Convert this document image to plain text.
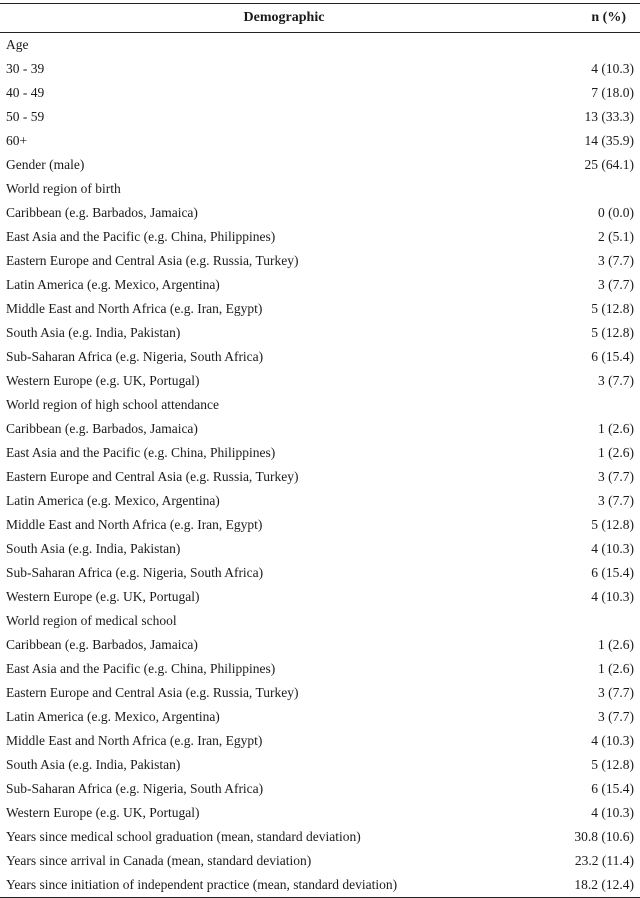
Demographic	n (%)
Age	
30 - 39	4 (10.3)
40 - 49	7 (18.0)
50 - 59	13 (33.3)
60+	14 (35.9)
Gender (male)	25 (64.1)
World region of birth	
Caribbean (e.g. Barbados, Jamaica)	0 (0.0)
East Asia and the Pacific (e.g. China, Philippines)	2 (5.1)
Eastern Europe and Central Asia (e.g. Russia, Turkey)	3 (7.7)
Latin America (e.g. Mexico, Argentina)	3 (7.7)
Middle East and North Africa (e.g. Iran, Egypt)	5 (12.8)
South Asia (e.g. India, Pakistan)	5 (12.8)
Sub-Saharan Africa (e.g. Nigeria, South Africa)	6 (15.4)
Western Europe (e.g. UK, Portugal)	3 (7.7)
World region of high school attendance	
Caribbean (e.g. Barbados, Jamaica)	1 (2.6)
East Asia and the Pacific (e.g. China, Philippines)	1 (2.6)
Eastern Europe and Central Asia (e.g. Russia, Turkey)	3 (7.7)
Latin America (e.g. Mexico, Argentina)	3 (7.7)
Middle East and North Africa (e.g. Iran, Egypt)	5 (12.8)
South Asia (e.g. India, Pakistan)	4 (10.3)
Sub-Saharan Africa (e.g. Nigeria, South Africa)	6 (15.4)
Western Europe (e.g. UK, Portugal)	4 (10.3)
World region of medical school	
Caribbean (e.g. Barbados, Jamaica)	1 (2.6)
East Asia and the Pacific (e.g. China, Philippines)	1 (2.6)
Eastern Europe and Central Asia (e.g. Russia, Turkey)	3 (7.7)
Latin America (e.g. Mexico, Argentina)	3 (7.7)
Middle East and North Africa (e.g. Iran, Egypt)	4 (10.3)
South Asia (e.g. India, Pakistan)	5 (12.8)
Sub-Saharan Africa (e.g. Nigeria, South Africa)	6 (15.4)
Western Europe (e.g. UK, Portugal)	4 (10.3)
Years since medical school graduation (mean, standard deviation)	30.8 (10.6)
Years since arrival in Canada (mean, standard deviation)	23.2 (11.4)
Years since initiation of independent practice (mean, standard deviation)	18.2 (12.4)
